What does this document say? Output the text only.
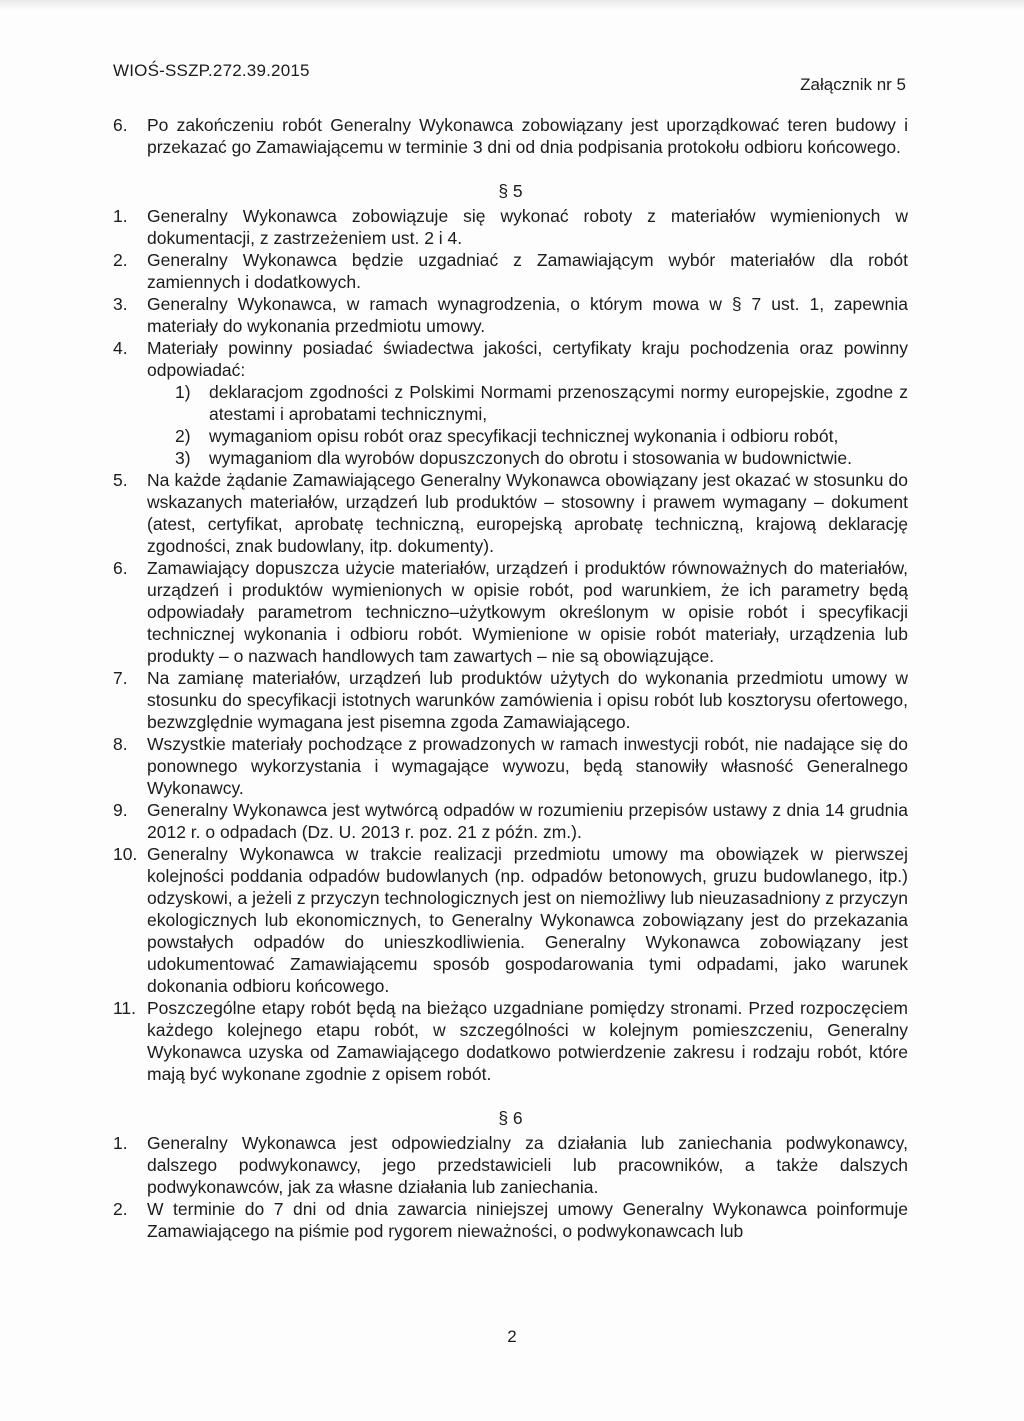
WIOŚ-SSZP.272.39.2015
Załącznik nr 5
6.	Po zakończeniu robót Generalny Wykonawca zobowiązany jest uporządkować teren budowy i przekazać go Zamawiającemu w terminie 3 dni od dnia podpisania protokołu odbioru końcowego.
§ 5
1.	Generalny Wykonawca zobowiązuje się wykonać roboty z materiałów wymienionych w dokumentacji, z zastrzeżeniem ust. 2 i 4.
2.	Generalny Wykonawca będzie uzgadniać z Zamawiającym wybór materiałów dla robót zamiennych i dodatkowych.
3.	Generalny Wykonawca, w ramach wynagrodzenia, o którym mowa w § 7 ust. 1, zapewnia materiały do wykonania przedmiotu umowy.
4.	Materiały powinny posiadać świadectwa jakości, certyfikaty kraju pochodzenia oraz powinny odpowiadać:
1)	deklaracjom zgodności z Polskimi Normami przenoszącymi normy europejskie, zgodne z atestami i aprobatami technicznymi,
2)	wymaganiom opisu robót oraz specyfikacji technicznej wykonania i odbioru robót,
3)	wymaganiom dla wyrobów dopuszczonych do obrotu i stosowania w budownictwie.
5.	Na każde żądanie Zamawiającego Generalny Wykonawca obowiązany jest okazać w stosunku do wskazanych materiałów, urządzeń lub produktów – stosowny i prawem wymagany – dokument (atest, certyfikat, aprobatę techniczną, europejską aprobatę techniczną, krajową deklarację zgodności, znak budowlany, itp. dokumenty).
6.	Zamawiający dopuszcza użycie materiałów, urządzeń i produktów równoważnych do materiałów, urządzeń i produktów wymienionych w opisie robót, pod warunkiem, że ich parametry będą odpowiadały parametrom techniczno–użytkowym określonym w opisie robót i specyfikacji technicznej wykonania i odbioru robót. Wymienione w opisie robót materiały, urządzenia lub produkty – o nazwach handlowych tam zawartych – nie są obowiązujące.
7.	Na zamianę materiałów, urządzeń lub produktów użytych do wykonania przedmiotu umowy w stosunku do specyfikacji istotnych warunków zamówienia i opisu robót lub kosztorysu ofertowego, bezwzględnie wymagana jest pisemna zgoda Zamawiającego.
8.	Wszystkie materiały pochodzące z prowadzonych w ramach inwestycji robót, nie nadające się do ponownego wykorzystania i wymagające wywozu, będą stanowiły własność Generalnego Wykonawcy.
9.	Generalny Wykonawca jest wytwórcą odpadów w rozumieniu przepisów ustawy z dnia 14 grudnia 2012 r. o odpadach (Dz. U. 2013 r. poz. 21 z późn. zm.).
10. Generalny Wykonawca w trakcie realizacji przedmiotu umowy ma obowiązek w pierwszej kolejności poddania odpadów budowlanych (np. odpadów betonowych, gruzu budowlanego, itp.) odzyskowi, a jeżeli z przyczyn technologicznych jest on niemożliwy lub nieuzasadniony z przyczyn ekologicznych lub ekonomicznych, to Generalny Wykonawca zobowiązany jest do przekazania powstałych odpadów do unieszkodliwienia. Generalny Wykonawca zobowiązany jest udokumentować Zamawiającemu sposób gospodarowania tymi odpadami, jako warunek dokonania odbioru końcowego.
11. Poszczególne etapy robót będą na bieżąco uzgadniane pomiędzy stronami. Przed rozpoczęciem każdego kolejnego etapu robót, w szczególności w kolejnym pomieszczeniu, Generalny Wykonawca uzyska od Zamawiającego dodatkowo potwierdzenie zakresu i rodzaju robót, które mają być wykonane zgodnie z opisem robót.
§ 6
1.	Generalny Wykonawca jest odpowiedzialny za działania lub zaniechania podwykonawcy, dalszego podwykonawcy, jego przedstawicieli lub pracowników, a także dalszych podwykonawców, jak za własne działania lub zaniechania.
2.	W terminie do 7 dni od dnia zawarcia niniejszej umowy Generalny Wykonawca poinformuje Zamawiającego na piśmie pod rygorem nieważności, o podwykonawcach lub
2
